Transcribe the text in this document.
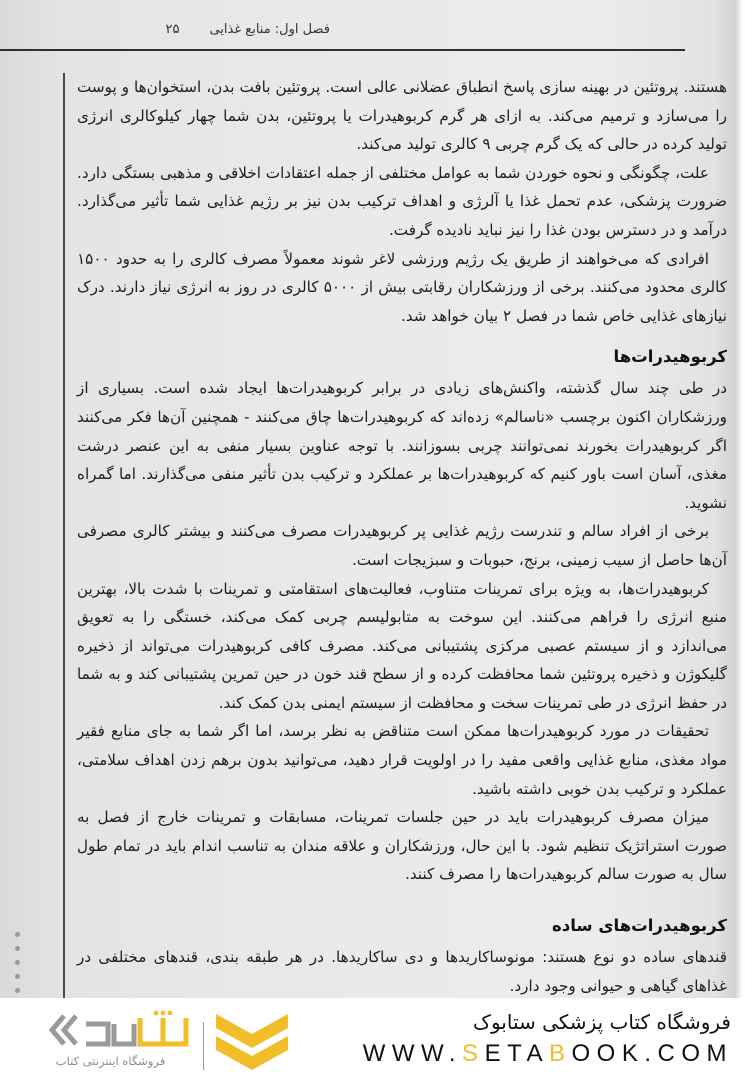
فصل اول: منابع غذایی
۲۵

هستند. پروتئین در بهینه سازی پاسخ انطباق عضلانی عالی است. پروتئین بافت بدن، استخوان‌ها و پوست را می‌سازد و ترمیم می‌کند. به ازای هر گرم کربوهیدرات یا پروتئین، بدن شما چهار کیلوکالری انرژی تولید کرده در حالی که یک گرم چربی ۹ کالری تولید می‌کند.

علت، چگونگی و نحوه خوردن شما به عوامل مختلفی از جمله اعتقادات اخلاقی و مذهبی بستگی دارد. ضرورت پزشکی، عدم تحمل غذا یا آلرژی و اهداف ترکیب بدن نیز بر رژیم غذایی شما تأثیر می‌گذارد. درآمد و در دسترس بودن غذا را نیز نباید نادیده گرفت.

افرادی که می‌خواهند از طریق یک رژیم ورزشی لاغر شوند معمولاً مصرف کالری را به حدود ۱۵۰۰ کالری محدود می‌کنند. برخی از ورزشکاران رقابتی بیش از ۵۰۰۰ کالری در روز به انرژی نیاز دارند. درک نیازهای غذایی خاص شما در فصل ۲ بیان خواهد شد.

کربوهیدرات‌ها

در طی چند سال گذشته، واکنش‌های زیادی در برابر کربوهیدرات‌ها ایجاد شده است. بسیاری از ورزشکاران اکنون برچسب «ناسالم» زده‌اند که کربوهیدرات‌ها چاق می‌کنند - همچنین آن‌ها فکر می‌کنند اگر کربوهیدرات بخورند نمی‌توانند چربی بسوزانند. با توجه عناوین بسیار منفی به این عنصر درشت مغذی، آسان است باور کنیم که کربوهیدرات‌ها بر عملکرد و ترکیب بدن تأثیر منفی می‌گذارند. اما گمراه نشوید.

برخی از افراد سالم و تندرست رژیم غذایی پر کربوهیدرات مصرف می‌کنند و بیشتر کالری مصرفی آن‌ها حاصل از سیب زمینی، برنج، حبوبات و سبزیجات است.

کربوهیدرات‌ها، به ویژه برای تمرینات متناوب، فعالیت‌های استقامتی و تمرینات با شدت بالا، بهترین منبع انرژی را فراهم می‌کنند. این سوخت به متابولیسم چربی کمک می‌کند، خستگی را به تعویق می‌اندازد و از سیستم عصبی مرکزی پشتیبانی می‌کند. مصرف کافی کربوهیدرات می‌تواند از ذخیره گلیکوژن و ذخیره پروتئین شما محافظت کرده و از سطح قند خون در حین تمرین پشتیبانی کند و به شما در حفظ انرژی در طی تمرینات سخت و محافظت از سیستم ایمنی بدن کمک کند.

تحقیقات در مورد کربوهیدرات‌ها ممکن است متناقض به نظر برسد، اما اگر شما به جای منابع فقیر مواد مغذی، منابع غذایی واقعی مفید را در اولویت قرار دهید، می‌توانید بدون برهم زدن اهداف سلامتی، عملکرد و ترکیب بدن خوبی داشته باشید.

میزان مصرف کربوهیدرات باید در حین جلسات تمرینات، مسابقات و تمرینات خارج از فصل به صورت استراتژیک تنظیم شود. با این حال، ورزشکاران و علاقه مندان به تناسب اندام باید در تمام طول سال به صورت سالم کربوهیدرات‌ها را مصرف کنند.

کربوهیدرات‌های ساده

قندهای ساده دو نوع هستند: مونوساکاریدها و دی ساکاریدها. در هر طبقه بندی، قندهای مختلفی در غذاهای گیاهی و حیوانی وجود دارد.

فروشگاه اینترنتی کتاب
فروشگاه کتاب پزشکی ستابوک
WWW.SETABOOK.COM
